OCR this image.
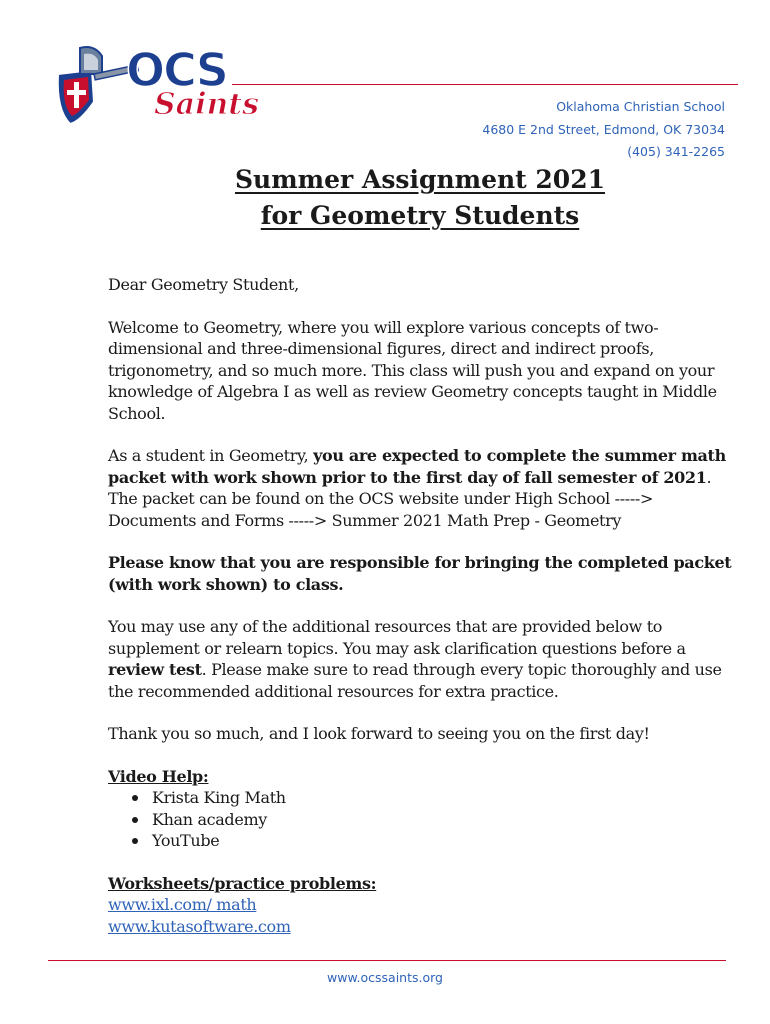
OCS
Saints	Oklahoma Christian School
4680 E 2nd Street, Edmond, OK 73034
(405) 341-2265
Summer Assignment 2021
for Geometry Students

Dear Geometry Student,

Welcome to Geometry, where you will explore various concepts of two-dimensional and three-dimensional figures, direct and indirect proofs, trigonometry, and so much more. This class will push you and expand on your knowledge of Algebra I as well as review Geometry concepts taught in Middle School.

As a student in Geometry, you are expected to complete the summer math packet with work shown prior to the first day of fall semester of 2021. The packet can be found on the OCS website under High School -----> Documents and Forms -----> Summer 2021 Math Prep - Geometry

Please know that you are responsible for bringing the completed packet (with work shown) to class.

You may use any of the additional resources that are provided below to supplement or relearn topics. You may ask clarification questions before a review test. Please make sure to read through every topic thoroughly and use the recommended additional resources for extra practice.

Thank you so much, and I look forward to seeing you on the first day!

Video Help:
Krista King Math
Khan academy
YouTube
Worksheets/practice problems:
www.ixl.com/ math
www.kutasoftware.com
www.ocssaints.org
